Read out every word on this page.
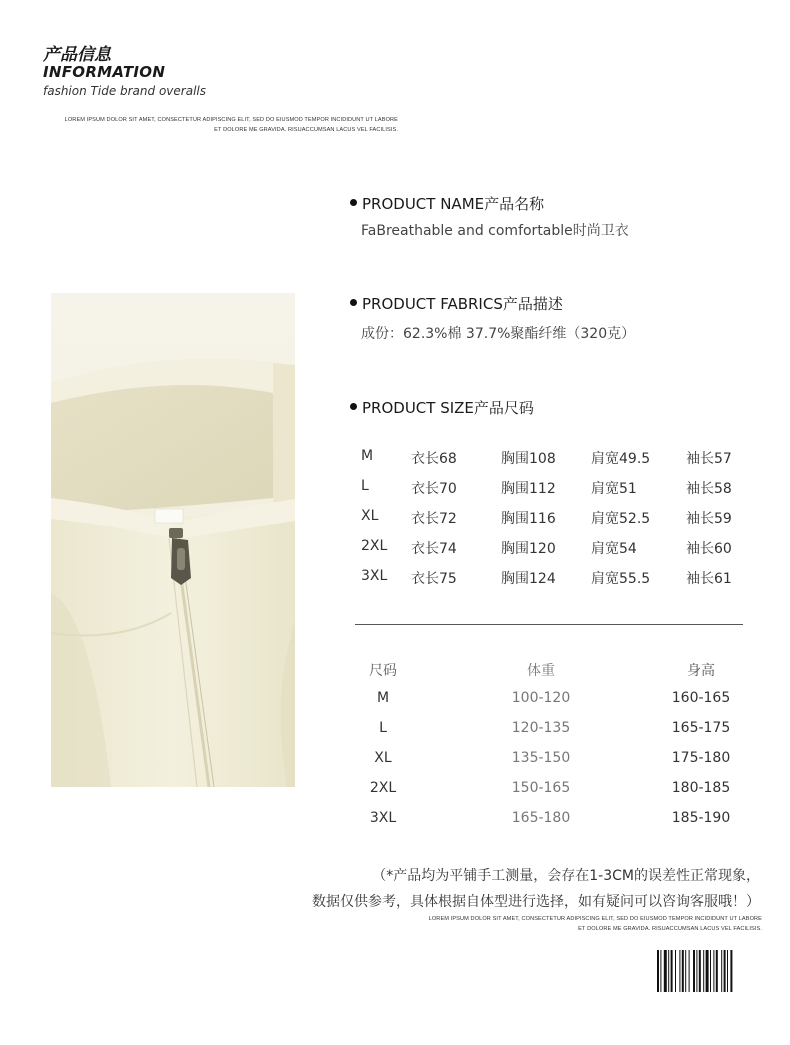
产品信息
INFORMATION
fashion Tide brand overalls
LOREM IPSUM DOLOR SIT AMET, CONSECTETUR ADIPISCING ELIT, SED DO EIUSMOD TEMPOR INCIDIDUNT UT LABORE
ET DOLORE ME GRAVIDA. RISUACCUMSAN LACUS VEL FACILISIS.
PRODUCT NAME产品名称
FaBreathable and comfortable时尚卫衣
PRODUCT FABRICS产品描述
成份：62.3%棉 37.7%聚酯纤维（320克）
PRODUCT SIZE产品尺码
M	衣长68	胸围108	肩宽49.5	袖长57
L	衣长70	胸围112	肩宽51	袖长58
XL 衣长72	胸围116	肩宽52.5	袖长59
2XL 衣长74	胸围120	肩宽54	袖长60
3XL 衣长75	胸围124	肩宽55.5	袖长61
尺码	体重	身高
M	100-120	160-165
L	120-135	165-175
XL	135-150	175-180
2XL	150-165	180-185
3XL	165-180	185-190
（*产品均为平铺手工测量，会存在1-3CM的误差性正常现象，
数据仅供参考，具体根据自体型进行选择，如有疑问可以咨询客服哦！）
LOREM IPSUM DOLOR SIT AMET, CONSECTETUR ADIPISCING ELIT, SED DO EIUSMOD TEMPOR INCIDIDUNT UT LABORE
ET DOLORE ME GRAVIDA. RISUACCUMSAN LACUS VEL FACILISIS.
